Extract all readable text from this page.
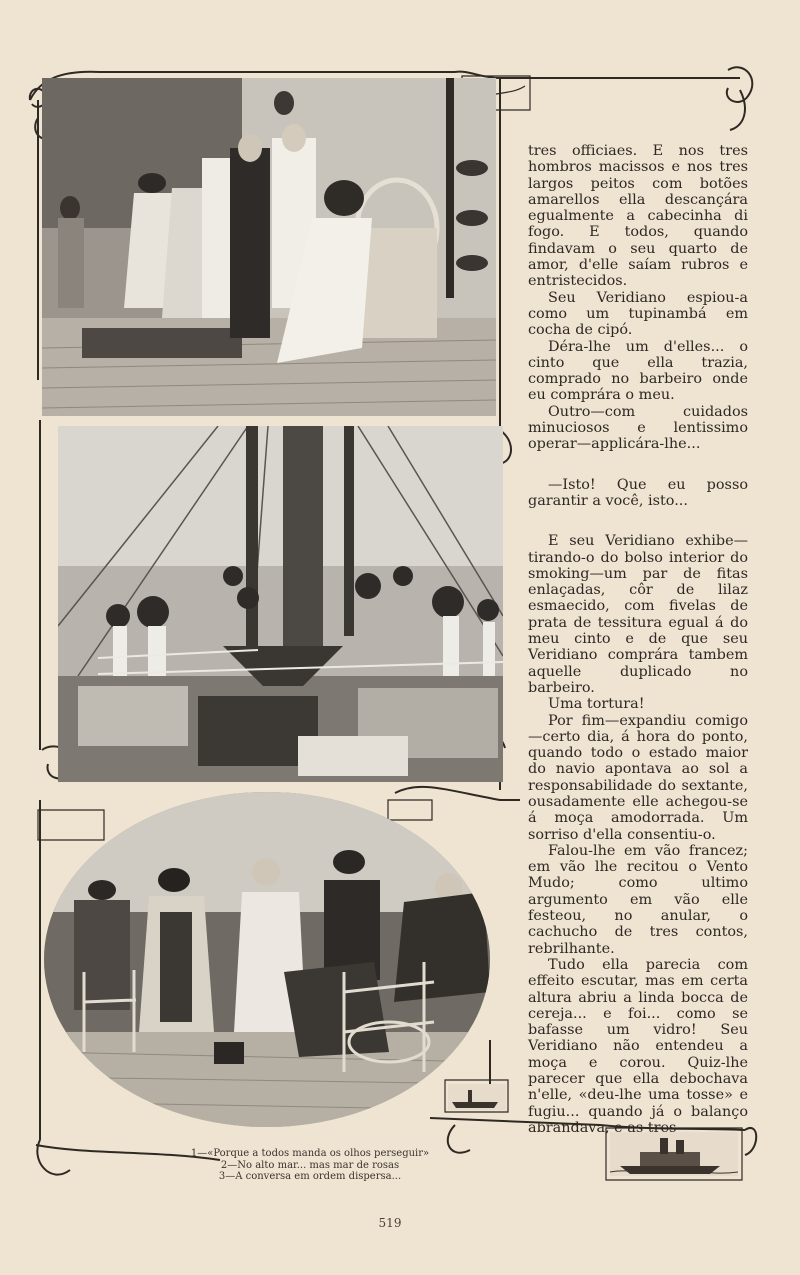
tres officiaes. E nos tres hombros macissos e nos tres largos peitos com botões amarellos ella descançára egualmente a cabecinha di fogo. E todos, quando findavam o seu quarto de amor, d'elle saíam rubros e entristecidos.

Seu Veridiano espiou-a como um tupinambá em cocha de cipó.

Déra-lhe um d'elles... o cinto que ella trazia, comprado no barbeiro onde eu comprára o meu.

Outro—com cuidados minuciosos e lentissimo operar—applicára-lhe...

—Isto! Que eu posso garantir a você, isto...

E seu Veridiano exhibe—tirando-o do bolso interior do smoking—um par de fitas enlaçadas, côr de lilaz esmaecido, com fivelas de prata de tessitura egual á do meu cinto e de que seu Veridiano comprára tambem aquelle duplicado no barbeiro.

Uma tortura!

Por fim—expandiu comigo—certo dia, á hora do ponto, quando todo o estado maior do navio apontava ao sol a responsabilidade do sextante, ousadamente elle achegou-se á moça amodorrada. Um sorriso d'ella consentiu-o.

Falou-lhe em vão francez; em vão lhe recitou o Vento Mudo; como ultimo argumento em vão elle festeou, no anular, o cachucho de tres contos, rebrilhante.

Tudo ella parecia com effeito escutar, mas em certa altura abriu a linda bocca de cereja... e foi... como se bafasse um vidro! Seu Veridiano não entendeu a moça e corou. Quiz-lhe parecer que ella debochava n'elle, «deu-lhe uma tosse» e fugiu... quando já o balanço abrandava, e as tres

1—«Porque a todos manda os olhos perseguir»
2—No alto mar... mas mar de rosas
3—A conversa em ordem dispersa...
519
